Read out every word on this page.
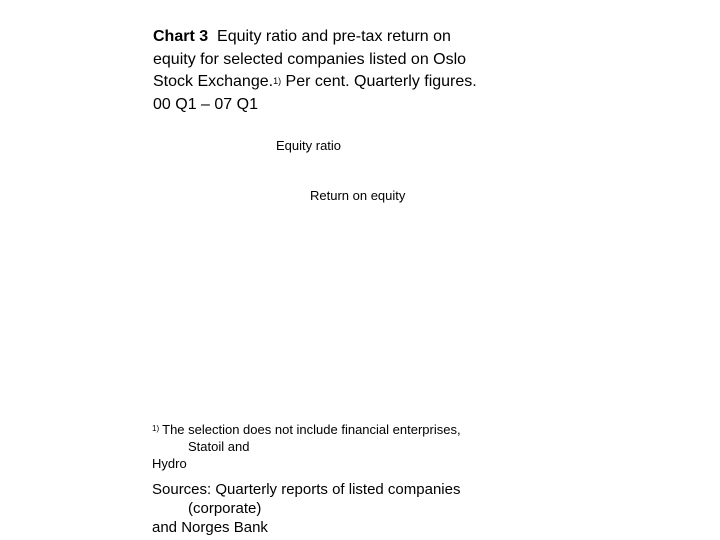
Chart 3 Equity ratio and pre-tax return on
equity for selected companies listed on Oslo
Stock Exchange.$^{1)}$ Per cent. Quarterly figures.
00 Q1 – 07 Q1
Equity ratio
Return on equity
$^{1)}$ The selection does not include financial enterprises,
Statoil and
Hydro
Sources: Quarterly reports of listed companies
(corporate)
and Norges Bank
